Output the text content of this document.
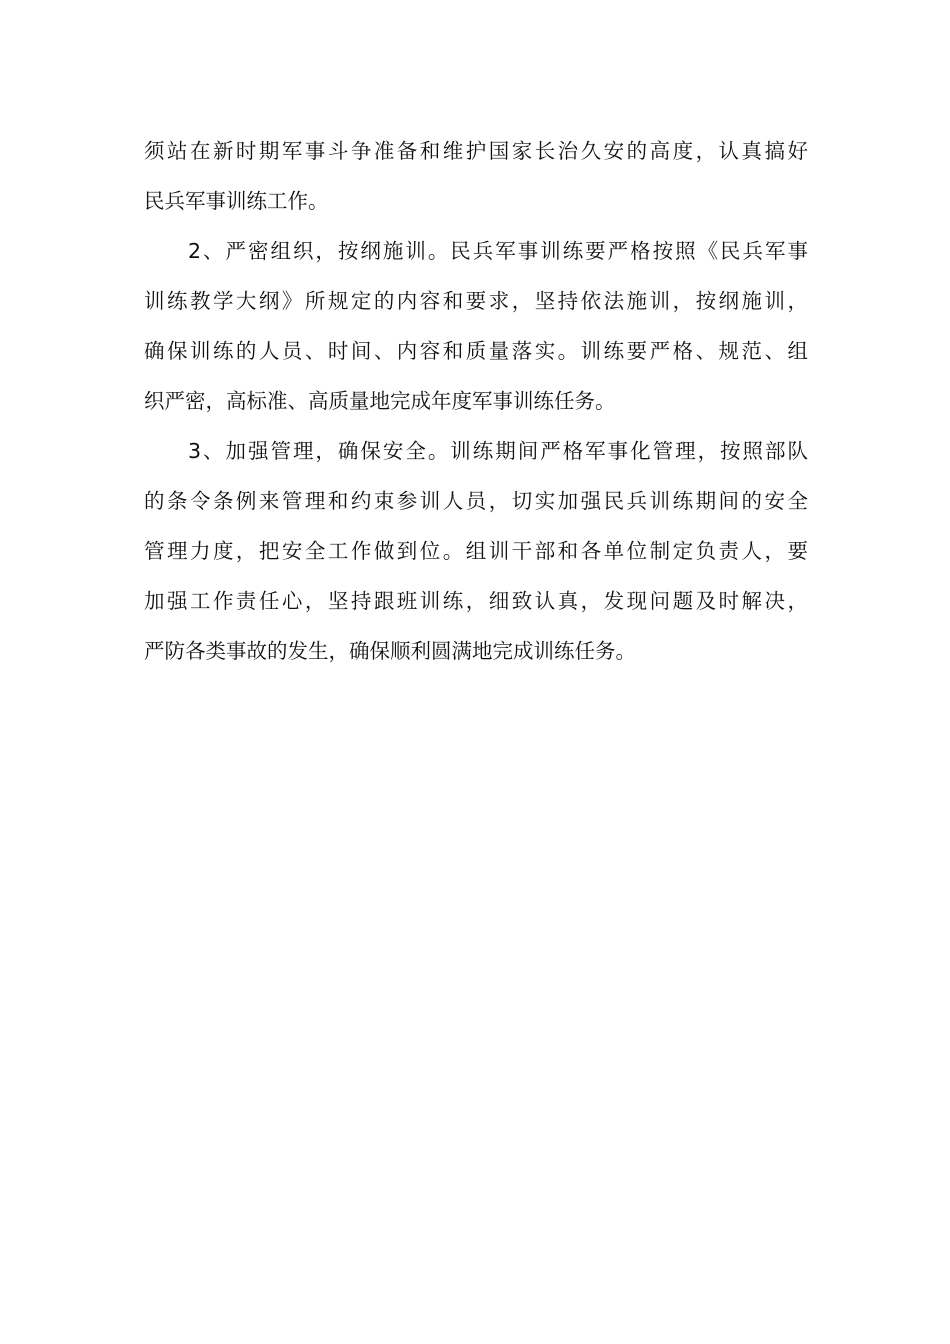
须站在新时期军事斗争准备和维护国家长治久安的高度，认真搞好
民兵军事训练工作。
2、严密组织，按纲施训。民兵军事训练要严格按照《民兵军事
训练教学大纲》所规定的内容和要求，坚持依法施训，按纲施训，
确保训练的人员、时间、内容和质量落实。训练要严格、规范、组
织严密，高标准、高质量地完成年度军事训练任务。
3、加强管理，确保安全。训练期间严格军事化管理，按照部队
的条令条例来管理和约束参训人员，切实加强民兵训练期间的安全
管理力度，把安全工作做到位。组训干部和各单位制定负责人，要
加强工作责任心，坚持跟班训练，细致认真，发现问题及时解决，
严防各类事故的发生，确保顺利圆满地完成训练任务。
